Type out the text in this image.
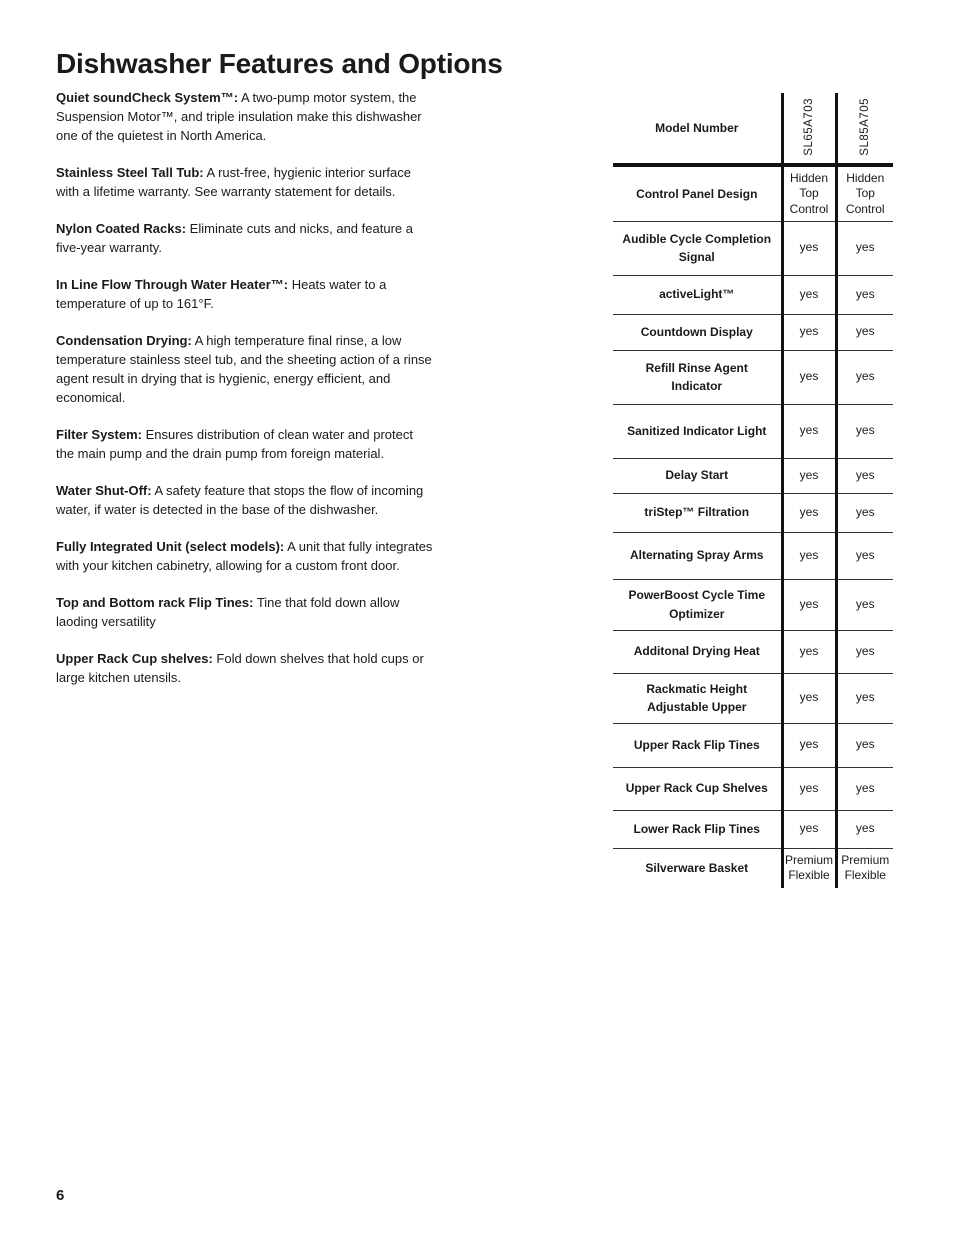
Dishwasher Features and Options

Quiet soundCheck System™: A two-pump motor system, the Suspension Motor™, and triple insulation make this dishwasher one of the quietest in North America.

Stainless Steel Tall Tub: A rust-free, hygienic interior surface with a lifetime warranty. See warranty statement for details.

Nylon Coated Racks: Eliminate cuts and nicks, and feature a five-year warranty.

In Line Flow Through Water Heater™: Heats water to a temperature of up to 161°F.

Condensation Drying: A high temperature final rinse, a low temperature stainless steel tub, and the sheeting action of a rinse agent result in drying that is hygienic, energy efficient, and economical.

Filter System: Ensures distribution of clean water and protect the main pump and the drain pump from foreign material.

Water Shut-Off: A safety feature that stops the flow of incoming water, if water is detected in the base of the dishwasher.

Fully Integrated Unit (select models): A unit that fully integrates with your kitchen cabinetry, allowing for a custom front door.

Top and Bottom rack Flip Tines: Tine that fold down allow laoding versatility

Upper Rack Cup shelves: Fold down shelves that hold cups or large kitchen utensils.

Model Number	SL65A703	SL85A705
Control Panel Design	Hidden Top Control	Hidden Top Control
Audible Cycle Completion Signal	yes	yes
activeLight™	yes	yes
Countdown Display	yes	yes
Refill Rinse Agent Indicator	yes	yes
Sanitized Indicator Light	yes	yes
Delay Start	yes	yes
triStep™ Filtration	yes	yes
Alternating Spray Arms	yes	yes
PowerBoost Cycle Time Optimizer	yes	yes
Additonal Drying Heat	yes	yes
Rackmatic Height Adjustable Upper	yes	yes
Upper Rack Flip Tines	yes	yes
Upper Rack Cup Shelves	yes	yes
Lower Rack Flip Tines	yes	yes
Silverware Basket	Premium Flexible	Premium Flexible
6
